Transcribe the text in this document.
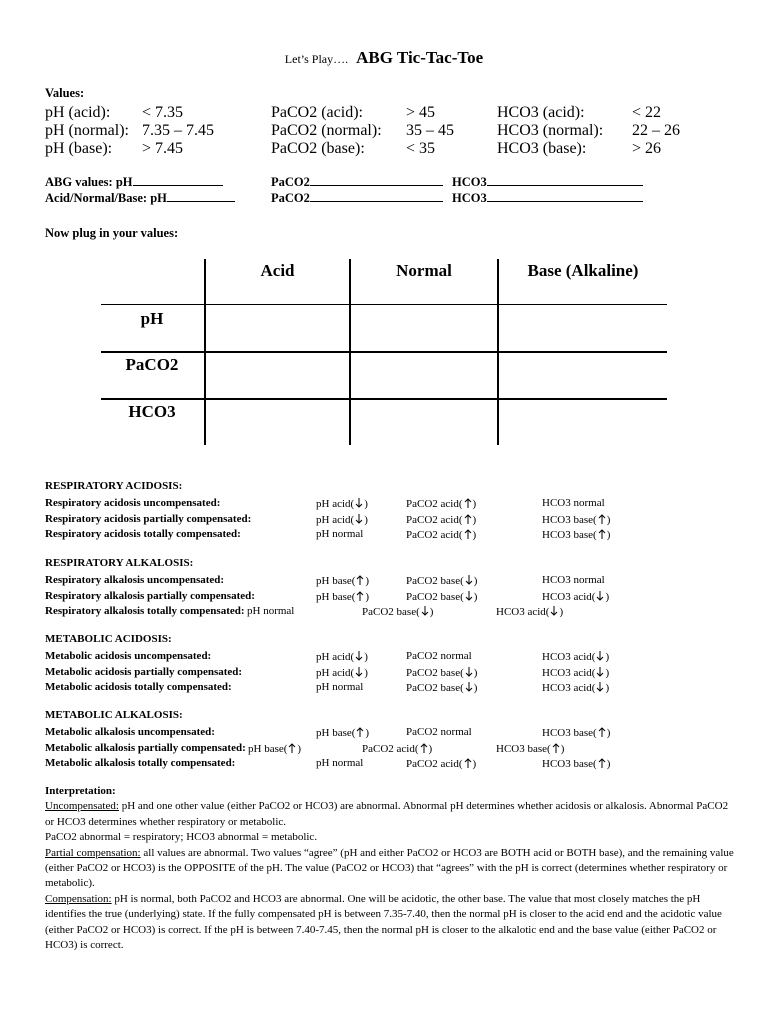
Let’s Play…. ABG Tic-Tac-Toe
Values:
pH (acid): < 7.35	PaCO2 (acid):	> 45	HCO3 (acid):	< 22
pH (normal): 7.35 – 7.45	PaCO2 (normal): 35 – 45	HCO3 (normal): 22 – 26
pH (base): > 7.45	PaCO2 (base):	< 35	HCO3 (base):	> 26
ABG values: pH	PaCO2	HCO3
Acid/Normal/Base: pH	PaCO2	HCO3
Now plug in your values:
Acid	Normal	Base (Alkaline)
pH
PaCO2
HCO3
RESPIRATORY ACIDOSIS:
Respiratory acidosis uncompensated:	pH acid( )	PaCO2 acid( )	HCO3 normal
Respiratory acidosis partially compensated:	pH acid( )	PaCO2 acid( )	HCO3 base( )
Respiratory acidosis totally compensated:	pH normal	PaCO2 acid( )	HCO3 base( )
RESPIRATORY ALKALOSIS:
Respiratory alkalosis uncompensated:	pH base( )	PaCO2 base( )	HCO3 normal
Respiratory alkalosis partially compensated:	pH base( )	PaCO2 base( )	HCO3 acid( )
Respiratory alkalosis totally compensated: pH normal	PaCO2 base( )	HCO3 acid( )
METABOLIC ACIDOSIS:
Metabolic acidosis uncompensated:	pH acid( )	PaCO2 normal	HCO3 acid( )
Metabolic acidosis partially compensated:	pH acid( )	PaCO2 base( )	HCO3 acid( )
Metabolic acidosis totally compensated:	pH normal	PaCO2 base( )	HCO3 acid( )
METABOLIC ALKALOSIS:
Metabolic alkalosis uncompensated:	pH base( )	PaCO2 normal	HCO3 base( )
Metabolic alkalosis partially compensated: pH base( )	PaCO2 acid( )	HCO3 base( )
Metabolic alkalosis totally compensated:	pH normal	PaCO2 acid( )	HCO3 base( )
Interpretation:
Uncompensated: pH and one other value (either PaCO2 or HCO3) are abnormal. Abnormal pH determines whether acidosis or alkalosis. Abnormal PaCO2 or HCO3 determines whether respiratory or metabolic.
PaCO2 abnormal = respiratory; HCO3 abnormal = metabolic.
Partial compensation: all values are abnormal. Two values “agree” (pH and either PaCO2 or HCO3 are BOTH acid or BOTH base), and the remaining value (either PaCO2 or HCO3) is the OPPOSITE of the pH. The value (PaCO2 or HCO3) that “agrees” with the pH is correct (determines whether respiratory or metabolic).
Compensation: pH is normal, both PaCO2 and HCO3 are abnormal. One will be acidotic, the other base. The value that most closely matches the pH identifies the true (underlying) state. If the fully compensated pH is between 7.35-7.40, then the normal pH is closer to the acid end and the acidotic value (either PaCO2 or HCO3) is correct. If the pH is between 7.40-7.45, then the normal pH is closer to the alkalotic end and the base value (either PaCO2 or HCO3) is correct.
